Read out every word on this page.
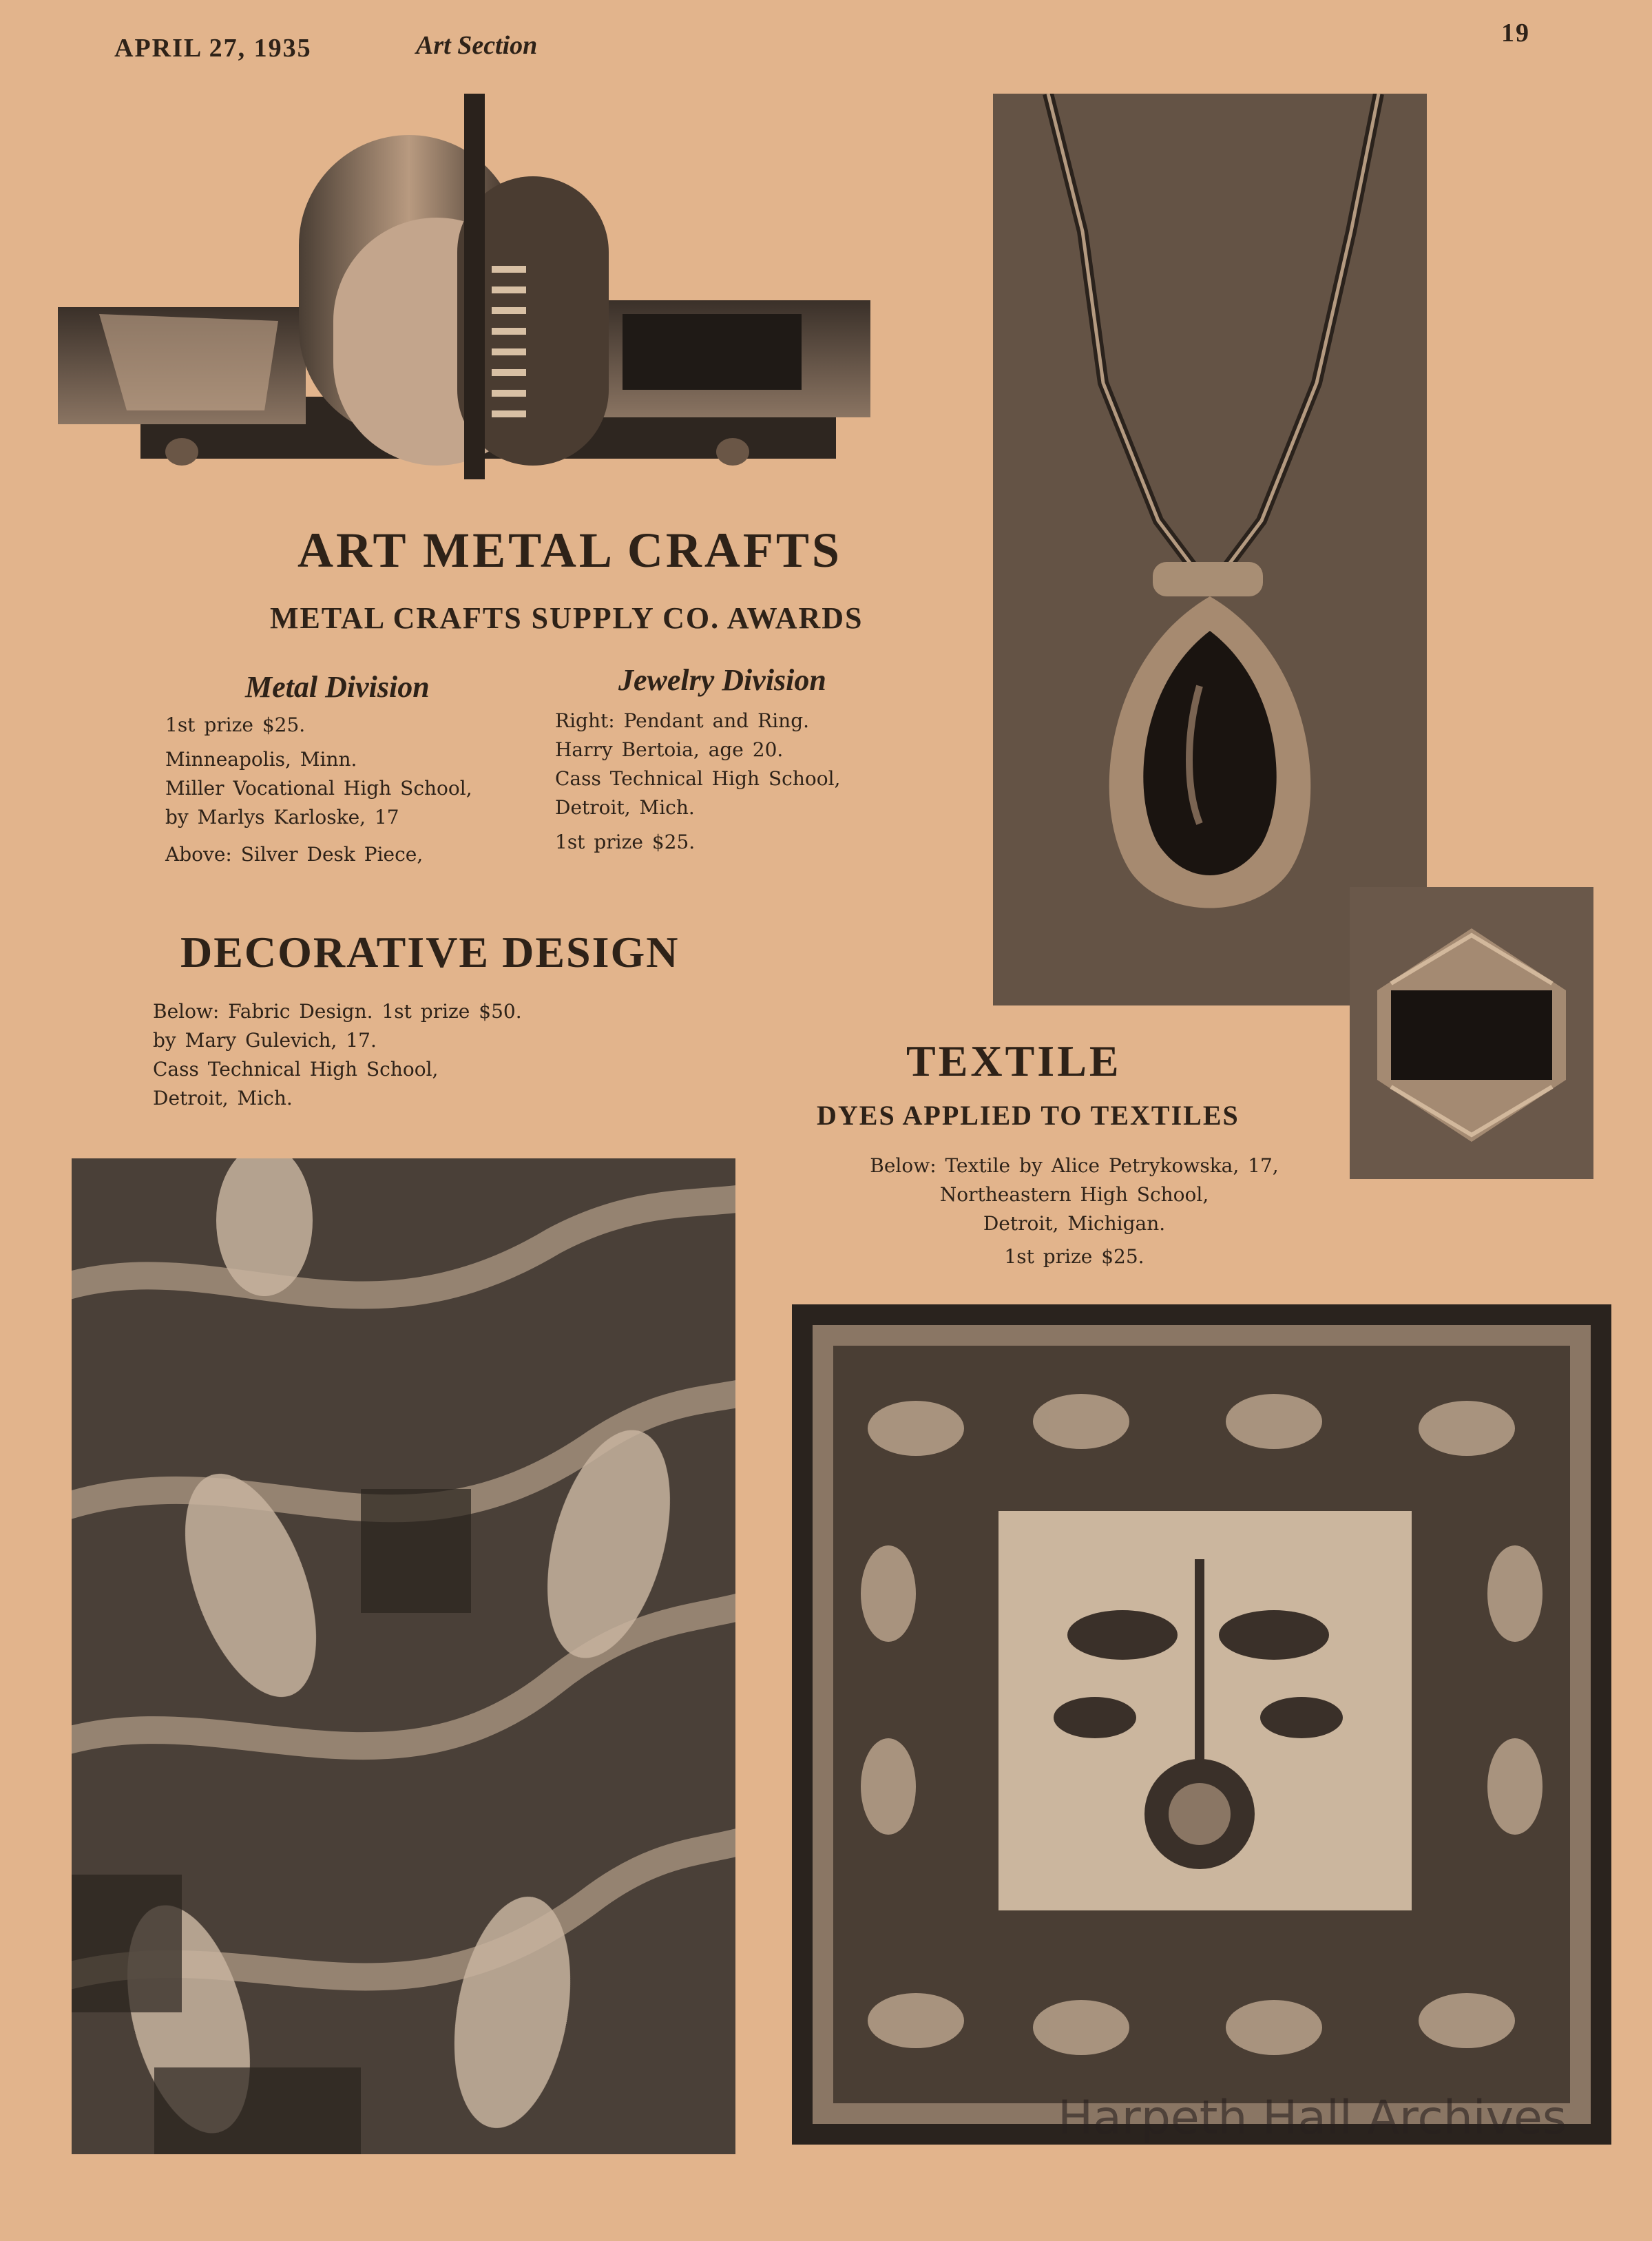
APRIL 27, 1935	Art Section	19
ART METAL CRAFTS
METAL CRAFTS SUPPLY CO. AWARDS
Metal Division
1st prize $25.
Minneapolis, Minn.
Miller Vocational High School,
by Marlys Karloske, 17
Above: Silver Desk Piece,
Jewelry Division
Right: Pendant and Ring.
Harry Bertoia, age 20.
Cass Technical High School,
Detroit, Mich.
1st prize $25.
DECORATIVE DESIGN
Below: Fabric Design. 1st prize $50.
by Mary Gulevich, 17.
Cass Technical High School,
Detroit, Mich.
TEXTILE
DYES APPLIED TO TEXTILES
Below: Textile by Alice Petrykowska, 17,
Northeastern High School,
Detroit, Michigan.
1st prize $25.
Harpeth Hall Archives
